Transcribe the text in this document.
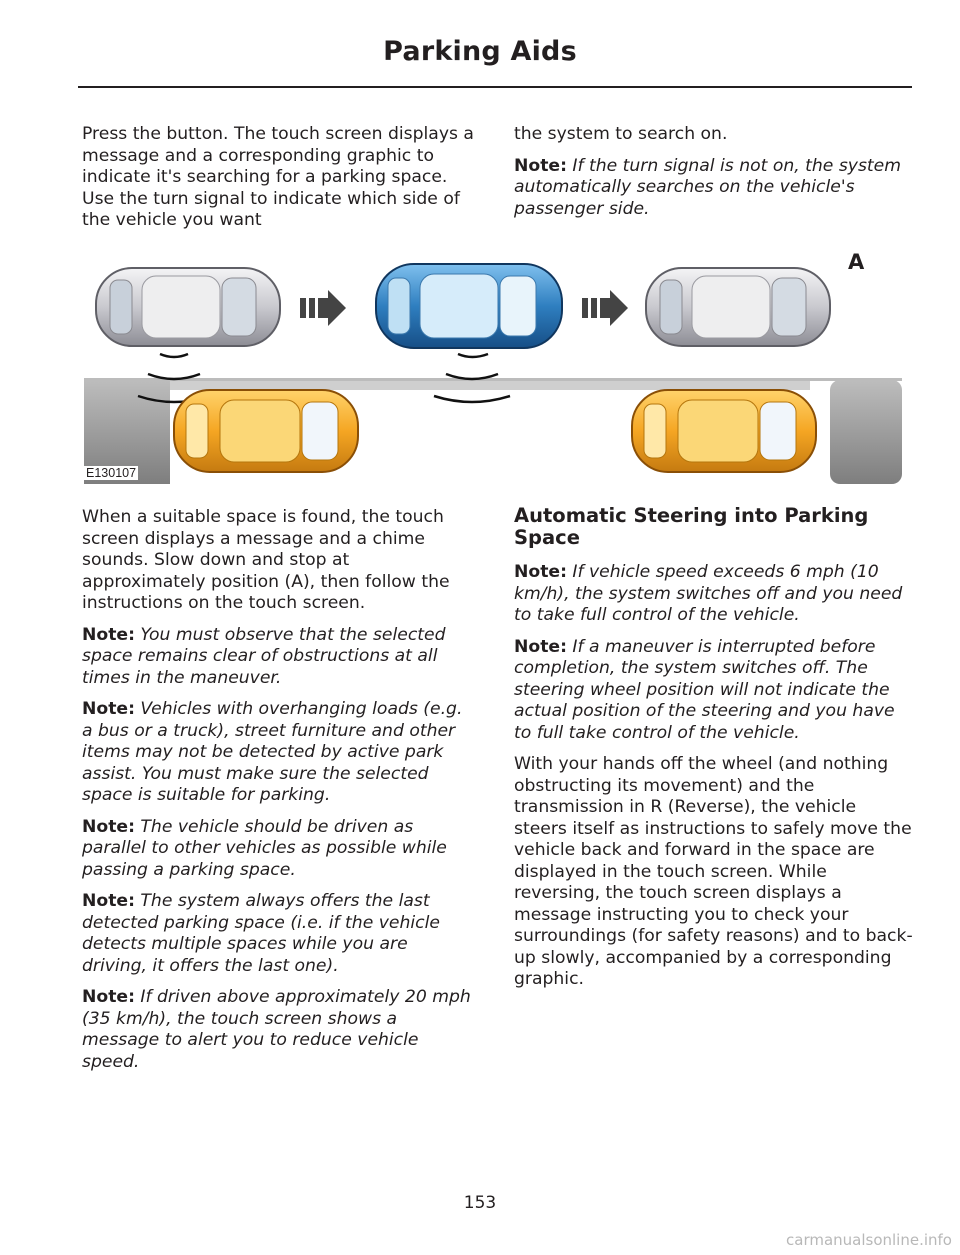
Parking Aids

Press the button. The touch screen displays a message and a corresponding graphic to indicate it's searching for a parking space. Use the turn signal to indicate which side of the vehicle you want

the system to search on.

Note: If the turn signal is not on, the system automatically searches on the vehicle's passenger side.

A
E130107

When a suitable space is found, the touch screen displays a message and a chime sounds. Slow down and stop at approximately position (A), then follow the instructions on the touch screen.

Note: You must observe that the selected space remains clear of obstructions at all times in the maneuver.

Note: Vehicles with overhanging loads (e.g. a bus or a truck), street furniture and other items may not be detected by active park assist. You must make sure the selected space is suitable for parking.

Note: The vehicle should be driven as parallel to other vehicles as possible while passing a parking space.

Note: The system always offers the last detected parking space (i.e. if the vehicle detects multiple spaces while you are driving, it offers the last one).

Note: If driven above approximately 20 mph (35 km/h), the touch screen shows a message to alert you to reduce vehicle speed.

Automatic Steering into Parking Space

Note: If vehicle speed exceeds 6 mph (10 km/h), the system switches off and you need to take full control of the vehicle.

Note: If a maneuver is interrupted before completion, the system switches off. The steering wheel position will not indicate the actual position of the steering and you have to full take control of the vehicle.

With your hands off the wheel (and nothing obstructing its movement) and the transmission in R (Reverse), the vehicle steers itself as instructions to safely move the vehicle back and forward in the space are displayed in the touch screen. While reversing, the touch screen displays a message instructing you to check your surroundings (for safety reasons) and to back-up slowly, accompanied by a corresponding graphic.

153
carmanualsonline.info
